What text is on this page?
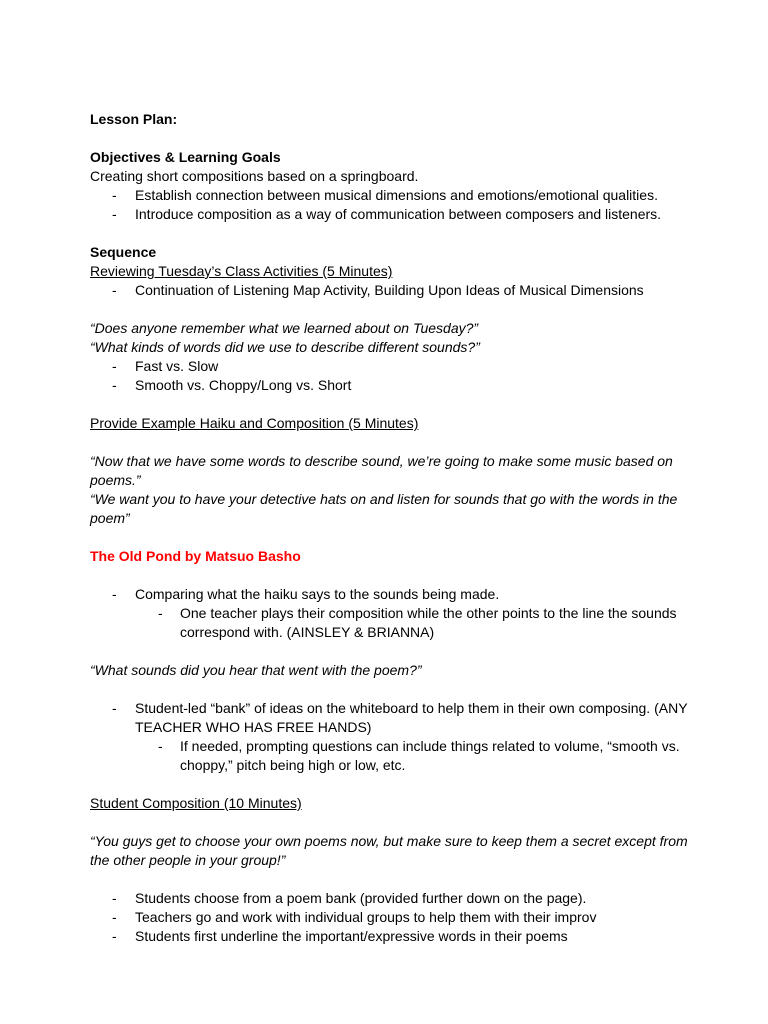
Lesson Plan:
Objectives & Learning Goals
Creating short compositions based on a springboard.
- Establish connection between musical dimensions and emotions/emotional qualities.
- Introduce composition as a way of communication between composers and listeners.
Sequence
Reviewing Tuesday’s Class Activities (5 Minutes)
- Continuation of Listening Map Activity, Building Upon Ideas of Musical Dimensions
“Does anyone remember what we learned about on Tuesday?”
“What kinds of words did we use to describe different sounds?”
- Fast vs. Slow
- Smooth vs. Choppy/Long vs. Short
Provide Example Haiku and Composition (5 Minutes)
“Now that we have some words to describe sound, we’re going to make some music based on poems.”
“We want you to have your detective hats on and listen for sounds that go with the words in the poem”
The Old Pond by Matsuo Basho
- Comparing what the haiku says to the sounds being made.
- One teacher plays their composition while the other points to the line the sounds correspond with. (AINSLEY & BRIANNA)
“What sounds did you hear that went with the poem?”
- Student-led “bank” of ideas on the whiteboard to help them in their own composing. (ANY TEACHER WHO HAS FREE HANDS)
- If needed, prompting questions can include things related to volume, “smooth vs. choppy,” pitch being high or low, etc.
Student Composition (10 Minutes)
“You guys get to choose your own poems now, but make sure to keep them a secret except from the other people in your group!”
- Students choose from a poem bank (provided further down on the page).
- Teachers go and work with individual groups to help them with their improv
- Students first underline the important/expressive words in their poems
